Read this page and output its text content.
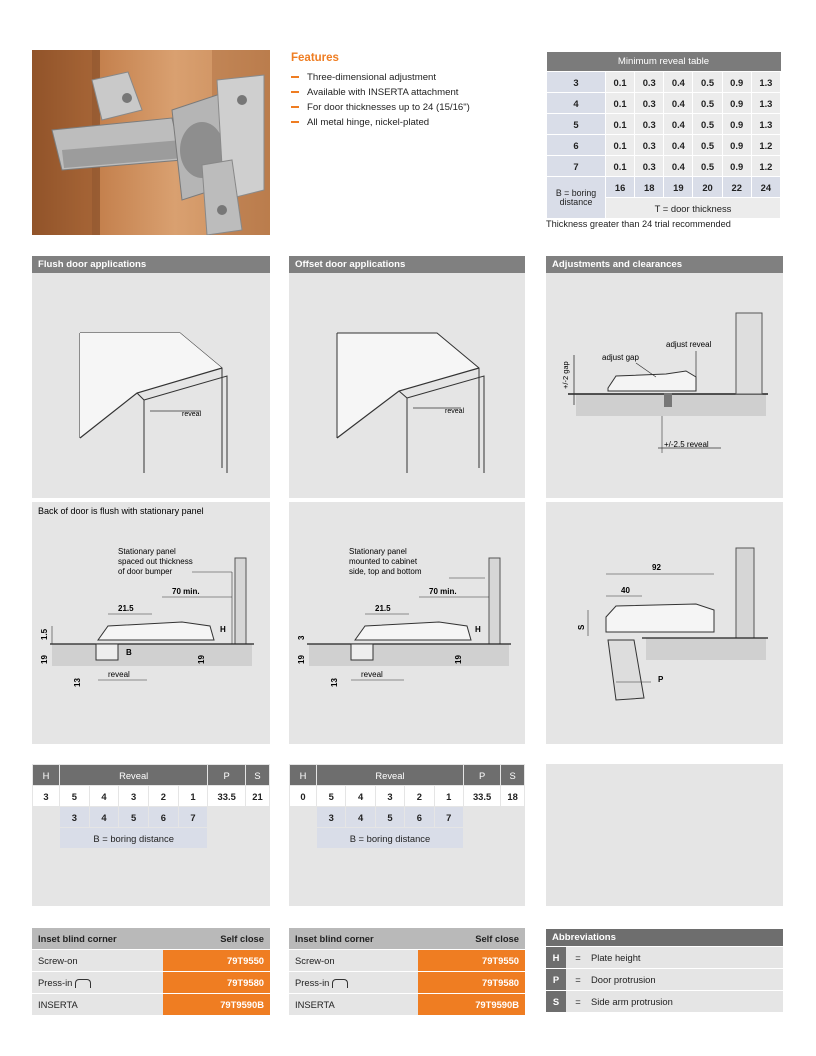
Features
Three-dimensional adjustment
Available with INSERTA attachment
For door thicknesses up to 24 (15/16")
All metal hinge, nickel-plated
Minimum reveal table						
3	0.1	0.3	0.4	0.5	0.9	1.3
4	0.1	0.3	0.4	0.5	0.9	1.3
5	0.1	0.3	0.4	0.5	0.9	1.3
6	0.1	0.3	0.4	0.5	0.9	1.2
7	0.1	0.3	0.4	0.5	0.9	1.2
B = boring distance	16	18	19	20	22	24
	T = door thickness					
Thickness greater than 24 trial recommended
Flush door applications
reveal
Offset door applications
reveal
Adjustments and clearances
+/-2 gap
adjust gap
adjust reveal
+/-2.5 reveal
Back of door is flush with stationary panel
Stationary panel
spaced out thickness
of door bumper
B
70 min.
21.5
H
1.5
19	19
13
reveal
Stationary panel
mounted to cabinet
side, top and bottom
70 min.
21.5
H
3
19	19
13
reveal
92
40
S
P
H	Reveal					P	S
3	5	4	3	2	1	33.5	21
	3	4	5	6	7		
	B = boring distance						
H	Reveal					P	S
0	5	4	3	2	1	33.5	18
	3	4	5	6	7		
	B = boring distance						
Inset blind corner	Self close
Screw-on	79T9550
Press-in	79T9580
INSERTA	79T9590B
Inset blind corner	Self close
Screw-on	79T9550
Press-in	79T9580
INSERTA	79T9590B
Abbreviations
H	=	Plate height
P	=	Door protrusion
S	=	Side arm protrusion
